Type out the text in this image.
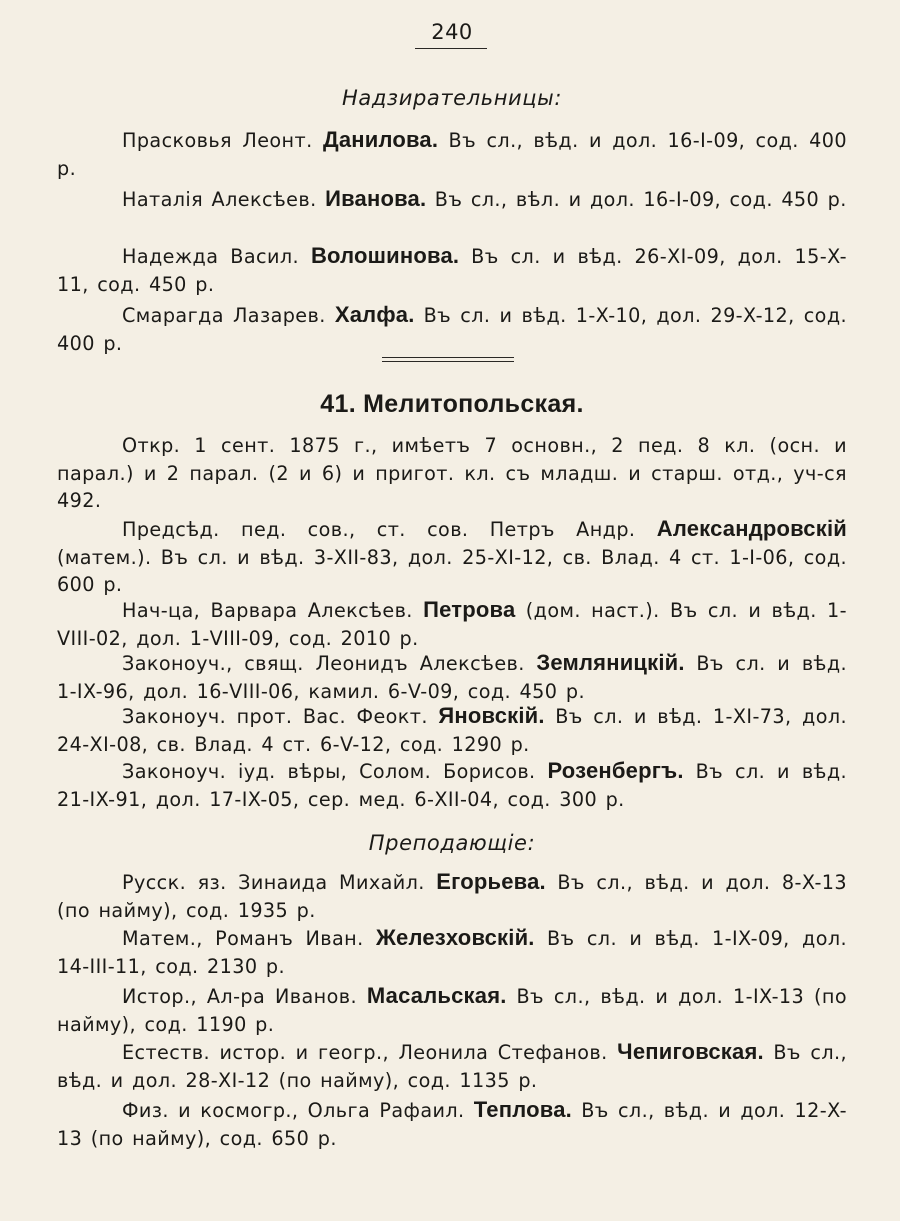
240
Надзирательницы:
Прасковья Леонт. Данилова. Въ сл., вѣд. и дол. 16-I-09, сод. 400 р.
Наталія Алексѣев. Иванова. Въ сл., вѣл. и дол. 16-I-09, сод. 450 р.
Надежда Васил. Волошинова. Въ сл. и вѣд. 26-XI-09, дол. 15-X-11, сод. 450 р.
Смарагда Лазарев. Халфа. Въ сл. и вѣд. 1-X-10, дол. 29-X-12, сод. 400 р.
41. Мелитопольская.
Откр. 1 сент. 1875 г., имѣетъ 7 основн., 2 пед. 8 кл. (осн. и парал.) и 2 парал. (2 и 6) и пригот. кл. съ младш. и старш. отд., уч-ся 492.
Предсѣд. пед. сов., ст. сов. Петръ Андр. Александровскій (матем.). Въ сл. и вѣд. 3-XII-83, дол. 25-XI-12, св. Влад. 4 ст. 1-I-06, сод. 600 р.
Нач-ца, Варвара Алексѣев. Петрова (дом. наст.). Въ сл. и вѣд. 1-VIII-02, дол. 1-VIII-09, сод. 2010 р.
Законоуч., свящ. Леонидъ Алексѣев. Земляницкій. Въ сл. и вѣд. 1-IX-96, дол. 16-VIII-06, камил. 6-V-09, сод. 450 р.
Законоуч. прот. Вас. Феокт. Яновскій. Въ сл. и вѣд. 1-XI-73, дол. 24-XI-08, св. Влад. 4 ст. 6-V-12, сод. 1290 р.
Законоуч. іуд. вѣры, Солом. Борисов. Розенбергъ. Въ сл. и вѣд. 21-IX-91, дол. 17-IX-05, сер. мед. 6-XII-04, сод. 300 р.
Преподающіе:
Русск. яз. Зинаида Михайл. Егорьева. Въ сл., вѣд. и дол. 8-X-13 (по найму), сод. 1935 р.
Матем., Романъ Иван. Железховскій. Въ сл. и вѣд. 1-IX-09, дол. 14-III-11, сод. 2130 р.
Истор., Ал-ра Иванов. Масальская. Въ сл., вѣд. и дол. 1-IX-13 (по найму), сод. 1190 р.
Естеств. истор. и геогр., Леонила Стефанов. Чепиговская. Въ сл., вѣд. и дол. 28-XI-12 (по найму), сод. 1135 р.
Физ. и космогр., Ольга Рафаил. Теплова. Въ сл., вѣд. и дол. 12-X-13 (по найму), сод. 650 р.
